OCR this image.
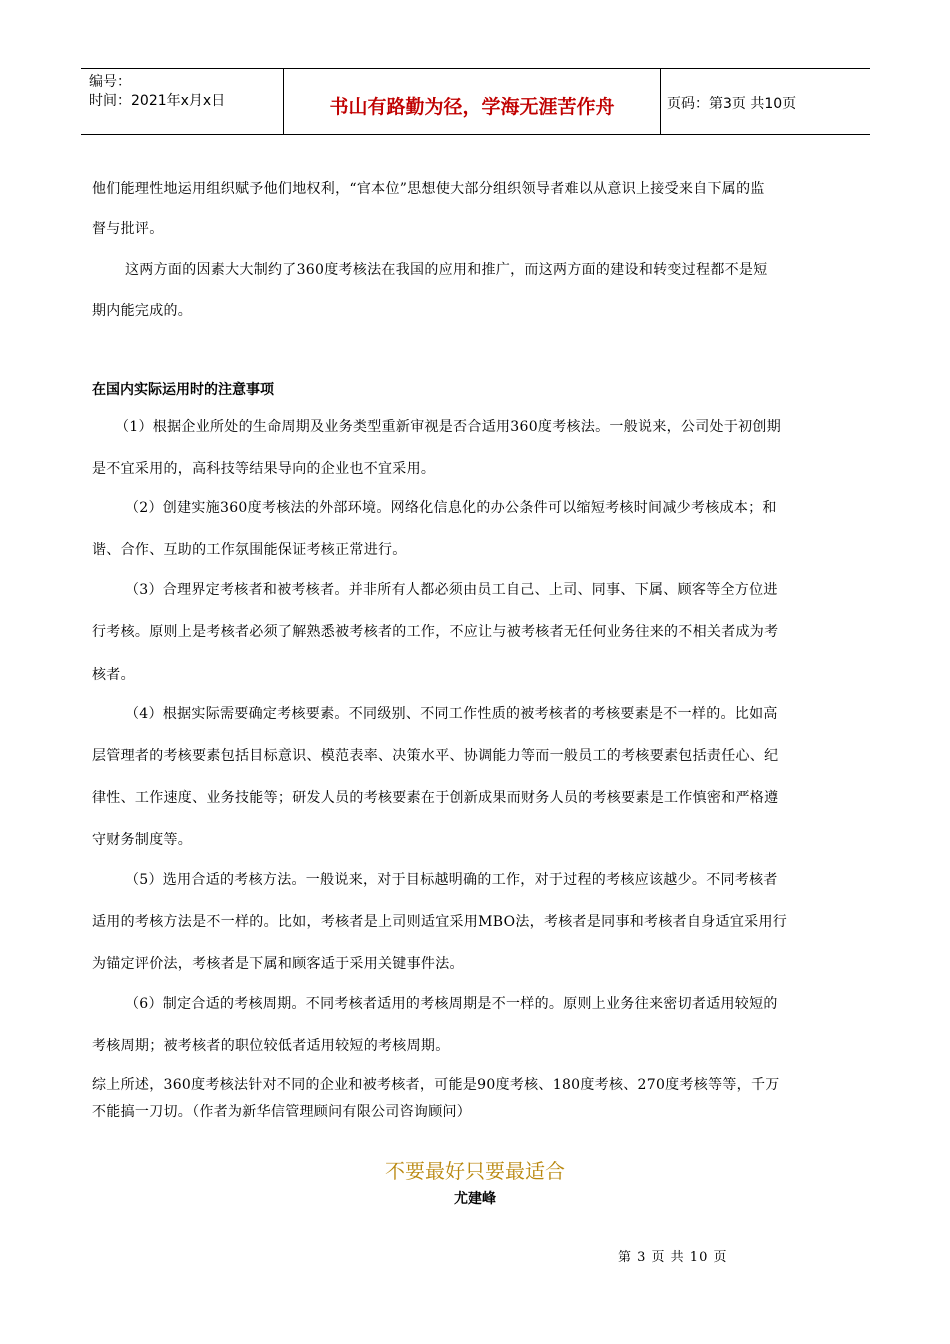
编号：
时间：2021年x月x日	书山有路勤为径，学海无涯苦作舟	页码：第3页 共10页
他们能理性地运用组织赋予他们地权利，“官本位”思想使大部分组织领导者难以从意识上接受来自下属的监
督与批评。
这两方面的因素大大制约了360度考核法在我国的应用和推广，而这两方面的建设和转变过程都不是短
期内能完成的。
在国内实际运用时的注意事项
（1）根据企业所处的生命周期及业务类型重新审视是否合适用360度考核法。一般说来，公司处于初创期
是不宜采用的，高科技等结果导向的企业也不宜采用。
（2）创建实施360度考核法的外部环境。网络化信息化的办公条件可以缩短考核时间减少考核成本；和
谐、合作、互助的工作氛围能保证考核正常进行。
（3）合理界定考核者和被考核者。并非所有人都必须由员工自己、上司、同事、下属、顾客等全方位进
行考核。原则上是考核者必须了解熟悉被考核者的工作，不应让与被考核者无任何业务往来的不相关者成为考
核者。
（4）根据实际需要确定考核要素。不同级别、不同工作性质的被考核者的考核要素是不一样的。比如高
层管理者的考核要素包括目标意识、模范表率、决策水平、协调能力等而一般员工的考核要素包括责任心、纪
律性、工作速度、业务技能等；研发人员的考核要素在于创新成果而财务人员的考核要素是工作慎密和严格遵
守财务制度等。
（5）选用合适的考核方法。一般说来，对于目标越明确的工作，对于过程的考核应该越少。不同考核者
适用的考核方法是不一样的。比如，考核者是上司则适宜采用MBO法，考核者是同事和考核者自身适宜采用行
为锚定评价法，考核者是下属和顾客适于采用关键事件法。
（6）制定合适的考核周期。不同考核者适用的考核周期是不一样的。原则上业务往来密切者适用较短的
考核周期；被考核者的职位较低者适用较短的考核周期。
综上所述，360度考核法针对不同的企业和被考核者，可能是90度考核、180度考核、270度考核等等，千万
不能搞一刀切。（作者为新华信管理顾问有限公司咨询顾问）
不要最好只要最适合
尤建峰
第 3 页 共 10 页
